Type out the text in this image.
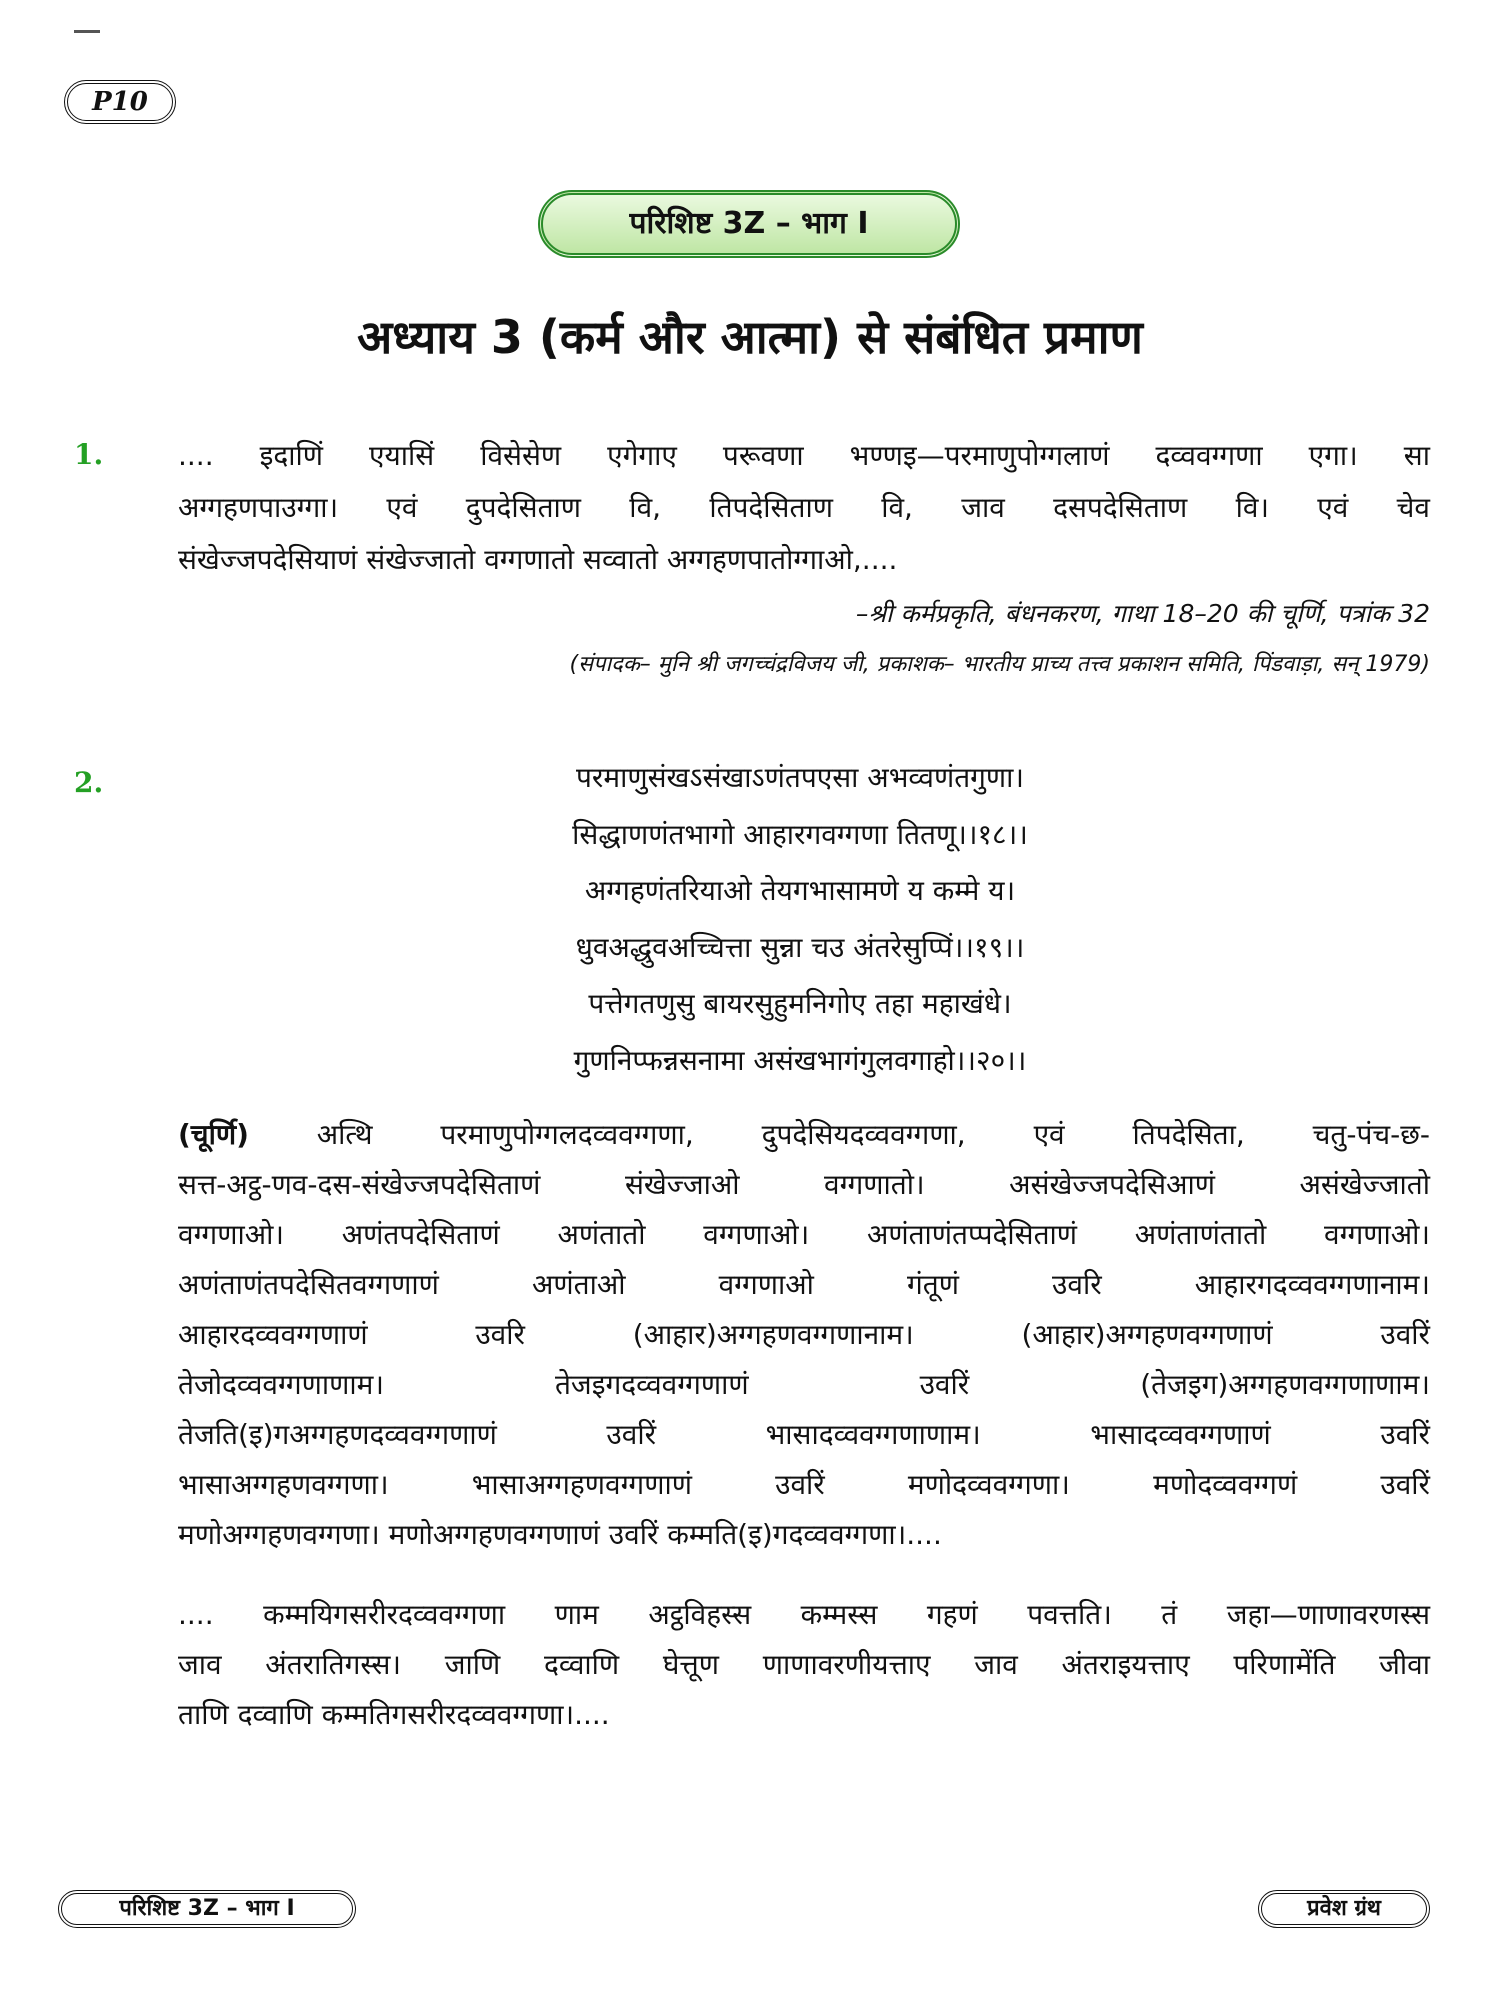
P10
परिशिष्ट 3Z – भाग I
अध्याय 3 (कर्म और आत्मा) से संबंधित प्रमाण
1.	.... इदाणिं एयासिं विसेसेण एगेगाए परूवणा भण्णइ—परमाणुपोग्गलाणं दव्ववग्गणा एगा। सा
अग्गहणपाउग्गा। एवं दुपदेसिताण वि, तिपदेसिताण वि, जाव दसपदेसिताण वि। एवं चेव
संखेज्जपदेसियाणं संखेज्जातो वग्गणातो सव्वातो अग्गहणपातोग्गाओ,....
–श्री कर्मप्रकृति, बंधनकरण, गाथा 18–20 की चूर्णि, पत्रांक 32
(संपादक– मुनि श्री जगच्चंद्रविजय जी, प्रकाशक– भारतीय प्राच्य तत्त्व प्रकाशन समिति, पिंडवाड़ा, सन् 1979)
2.	परमाणुसंखऽसंखाऽणंतपएसा अभव्वणंतगुणा।
सिद्धाणणंतभागो आहारगवग्गणा तितणू।।१८।।
अग्गहणंतरियाओ तेयगभासामणे य कम्मे य।
धुवअद्धुवअच्चित्ता सुन्ना चउ अंतरेसुप्पिं।।१९।।
पत्तेगतणुसु बायरसुहुमनिगोए तहा महाखंधे।
गुणनिप्फन्नसनामा असंखभागंगुलवगाहो।।२०।।
(चूर्णि) अत्थि परमाणुपोग्गलदव्ववग्गणा, दुपदेसियदव्ववग्गणा, एवं तिपदेसिता, चतु-पंच-छ-
सत्त-अट्ठ-णव-दस-संखेज्जपदेसिताणं संखेज्जाओ वग्गणातो। असंखेज्जपदेसिआणं असंखेज्जातो
वग्गणाओ। अणंतपदेसिताणं अणंतातो वग्गणाओ। अणंताणंतप्पदेसिताणं अणंताणंतातो वग्गणाओ।
अणंताणंतपदेसितवग्गणाणं अणंताओ वग्गणाओ गंतूणं उवरि आहारगदव्ववग्गणानाम।
आहारदव्ववग्गणाणं उवरि (आहार)अग्गहणवग्गणानाम। (आहार)अग्गहणवग्गणाणं उवरिं
तेजोदव्ववग्गणाणाम। तेजइगदव्ववग्गणाणं उवरिं (तेजइग)अग्गहणवग्गणाणाम।
तेजति(इ)गअग्गहणदव्ववग्गणाणं उवरिं भासादव्ववग्गणाणाम। भासादव्ववग्गणाणं उवरिं
भासाअग्गहणवग्गणा। भासाअग्गहणवग्गणाणं उवरिं मणोदव्ववग्गणा। मणोदव्ववग्गणं उवरिं
मणोअग्गहणवग्गणा। मणोअग्गहणवग्गणाणं उवरिं कम्मति(इ)गदव्ववग्गणा।....
.... कम्मयिगसरीरदव्ववग्गणा णाम अट्ठविहस्स कम्मस्स गहणं पवत्तति। तं जहा—णाणावरणस्स
जाव अंतरातिगस्स। जाणि दव्वाणि घेत्तूण णाणावरणीयत्ताए जाव अंतराइयत्ताए परिणामेंति जीवा
ताणि दव्वाणि कम्मतिगसरीरदव्ववग्गणा।....
परिशिष्ट 3Z – भाग I	प्रवेश ग्रंथ
